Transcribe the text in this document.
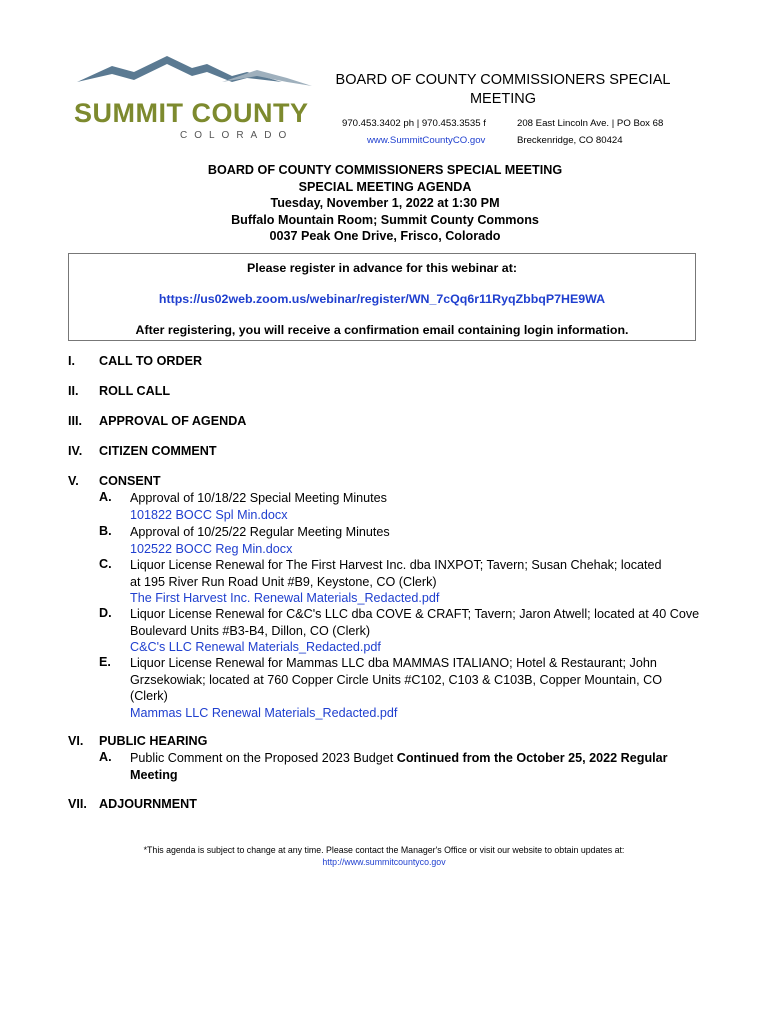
SUMMIT COUNTY
COLORADO
BOARD OF COUNTY COMMISSIONERS SPECIAL
MEETING
970.453.3402 ph | 970.453.3535 f	208 East Lincoln Ave. | PO Box 68
www.SummitCountyCO.gov	Breckenridge, CO 80424
BOARD OF COUNTY COMMISSIONERS SPECIAL MEETING
SPECIAL MEETING AGENDA
Tuesday, November 1, 2022 at 1:30 PM
Buffalo Mountain Room; Summit County Commons
0037 Peak One Drive, Frisco, Colorado
Please register in advance for this webinar at:
https://us02web.zoom.us/webinar/register/WN_7cQq6r11RyqZbbqP7HE9WA
After registering, you will receive a confirmation email containing login information.
I. CALL TO ORDER
II. ROLL CALL
III. APPROVAL OF AGENDA
IV. CITIZEN COMMENT
V. CONSENT
A. Approval of 10/18/22 Special Meeting Minutes
101822 BOCC Spl Min.docx
B. Approval of 10/25/22 Regular Meeting Minutes
102522 BOCC Reg Min.docx
C. Liquor License Renewal for The First Harvest Inc. dba INXPOT; Tavern; Susan Chehak; located at 195 River Run Road Unit #B9, Keystone, CO (Clerk)
The First Harvest Inc. Renewal Materials_Redacted.pdf
D. Liquor License Renewal for C&C's LLC dba COVE & CRAFT; Tavern; Jaron Atwell; located at 40 Cove Boulevard Units #B3-B4, Dillon, CO (Clerk)
C&C's LLC Renewal Materials_Redacted.pdf
E. Liquor License Renewal for Mammas LLC dba MAMMAS ITALIANO; Hotel & Restaurant; John Grzsekowiak; located at 760 Copper Circle Units #C102, C103 & C103B, Copper Mountain, CO (Clerk)
Mammas LLC Renewal Materials_Redacted.pdf
VI. PUBLIC HEARING
A. Public Comment on the Proposed 2023 Budget Continued from the October 25, 2022 Regular Meeting
VII. ADJOURNMENT
*This agenda is subject to change at any time. Please contact the Manager's Office or visit our website to obtain updates at:
http://www.summitcountyco.gov
